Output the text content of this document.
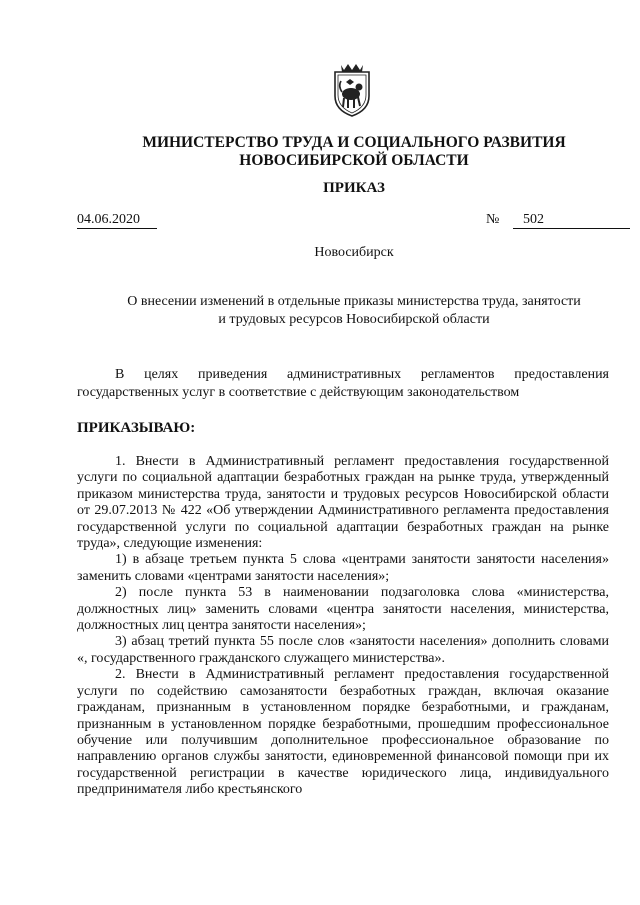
МИНИСТЕРСТВО ТРУДА И СОЦИАЛЬНОГО РАЗВИТИЯ
НОВОСИБИРСКОЙ ОБЛАСТИ
ПРИКАЗ
04.06.2020	№	502
Новосибирск
О внесении изменений в отдельные приказы министерства труда, занятости
и трудовых ресурсов Новосибирской области
В целях приведения административных регламентов предоставления государственных услуг в соответствие с действующим законодательством
ПРИКАЗЫВАЮ:

1. Внести в Административный регламент предоставления государственной услуги по социальной адаптации безработных граждан на рынке труда, утвержденный приказом министерства труда, занятости и трудовых ресурсов Новосибирской области от 29.07.2013 № 422 «Об утверждении Административного регламента предоставления государственной услуги по социальной адаптации безработных граждан на рынке труда», следующие изменения:

1) в абзаце третьем пункта 5 слова «центрами занятости занятости населения» заменить словами «центрами занятости населения»;

2) после пункта 53 в наименовании подзаголовка слова «министерства, должностных лиц» заменить словами «центра занятости населения, министерства, должностных лиц центра занятости населения»;

3) абзац третий пункта 55 после слов «занятости населения» дополнить словами «, государственного гражданского служащего министерства».

2. Внести в Административный регламент предоставления государственной услуги по содействию самозанятости безработных граждан, включая оказание гражданам, признанным в установленном порядке безработными, и гражданам, признанным в установленном порядке безработными, прошедшим профессиональное обучение или получившим дополнительное профессиональное образование по направлению органов службы занятости, единовременной финансовой помощи при их государственной регистрации в качестве юридического лица, индивидуального предпринимателя либо крестьянского
